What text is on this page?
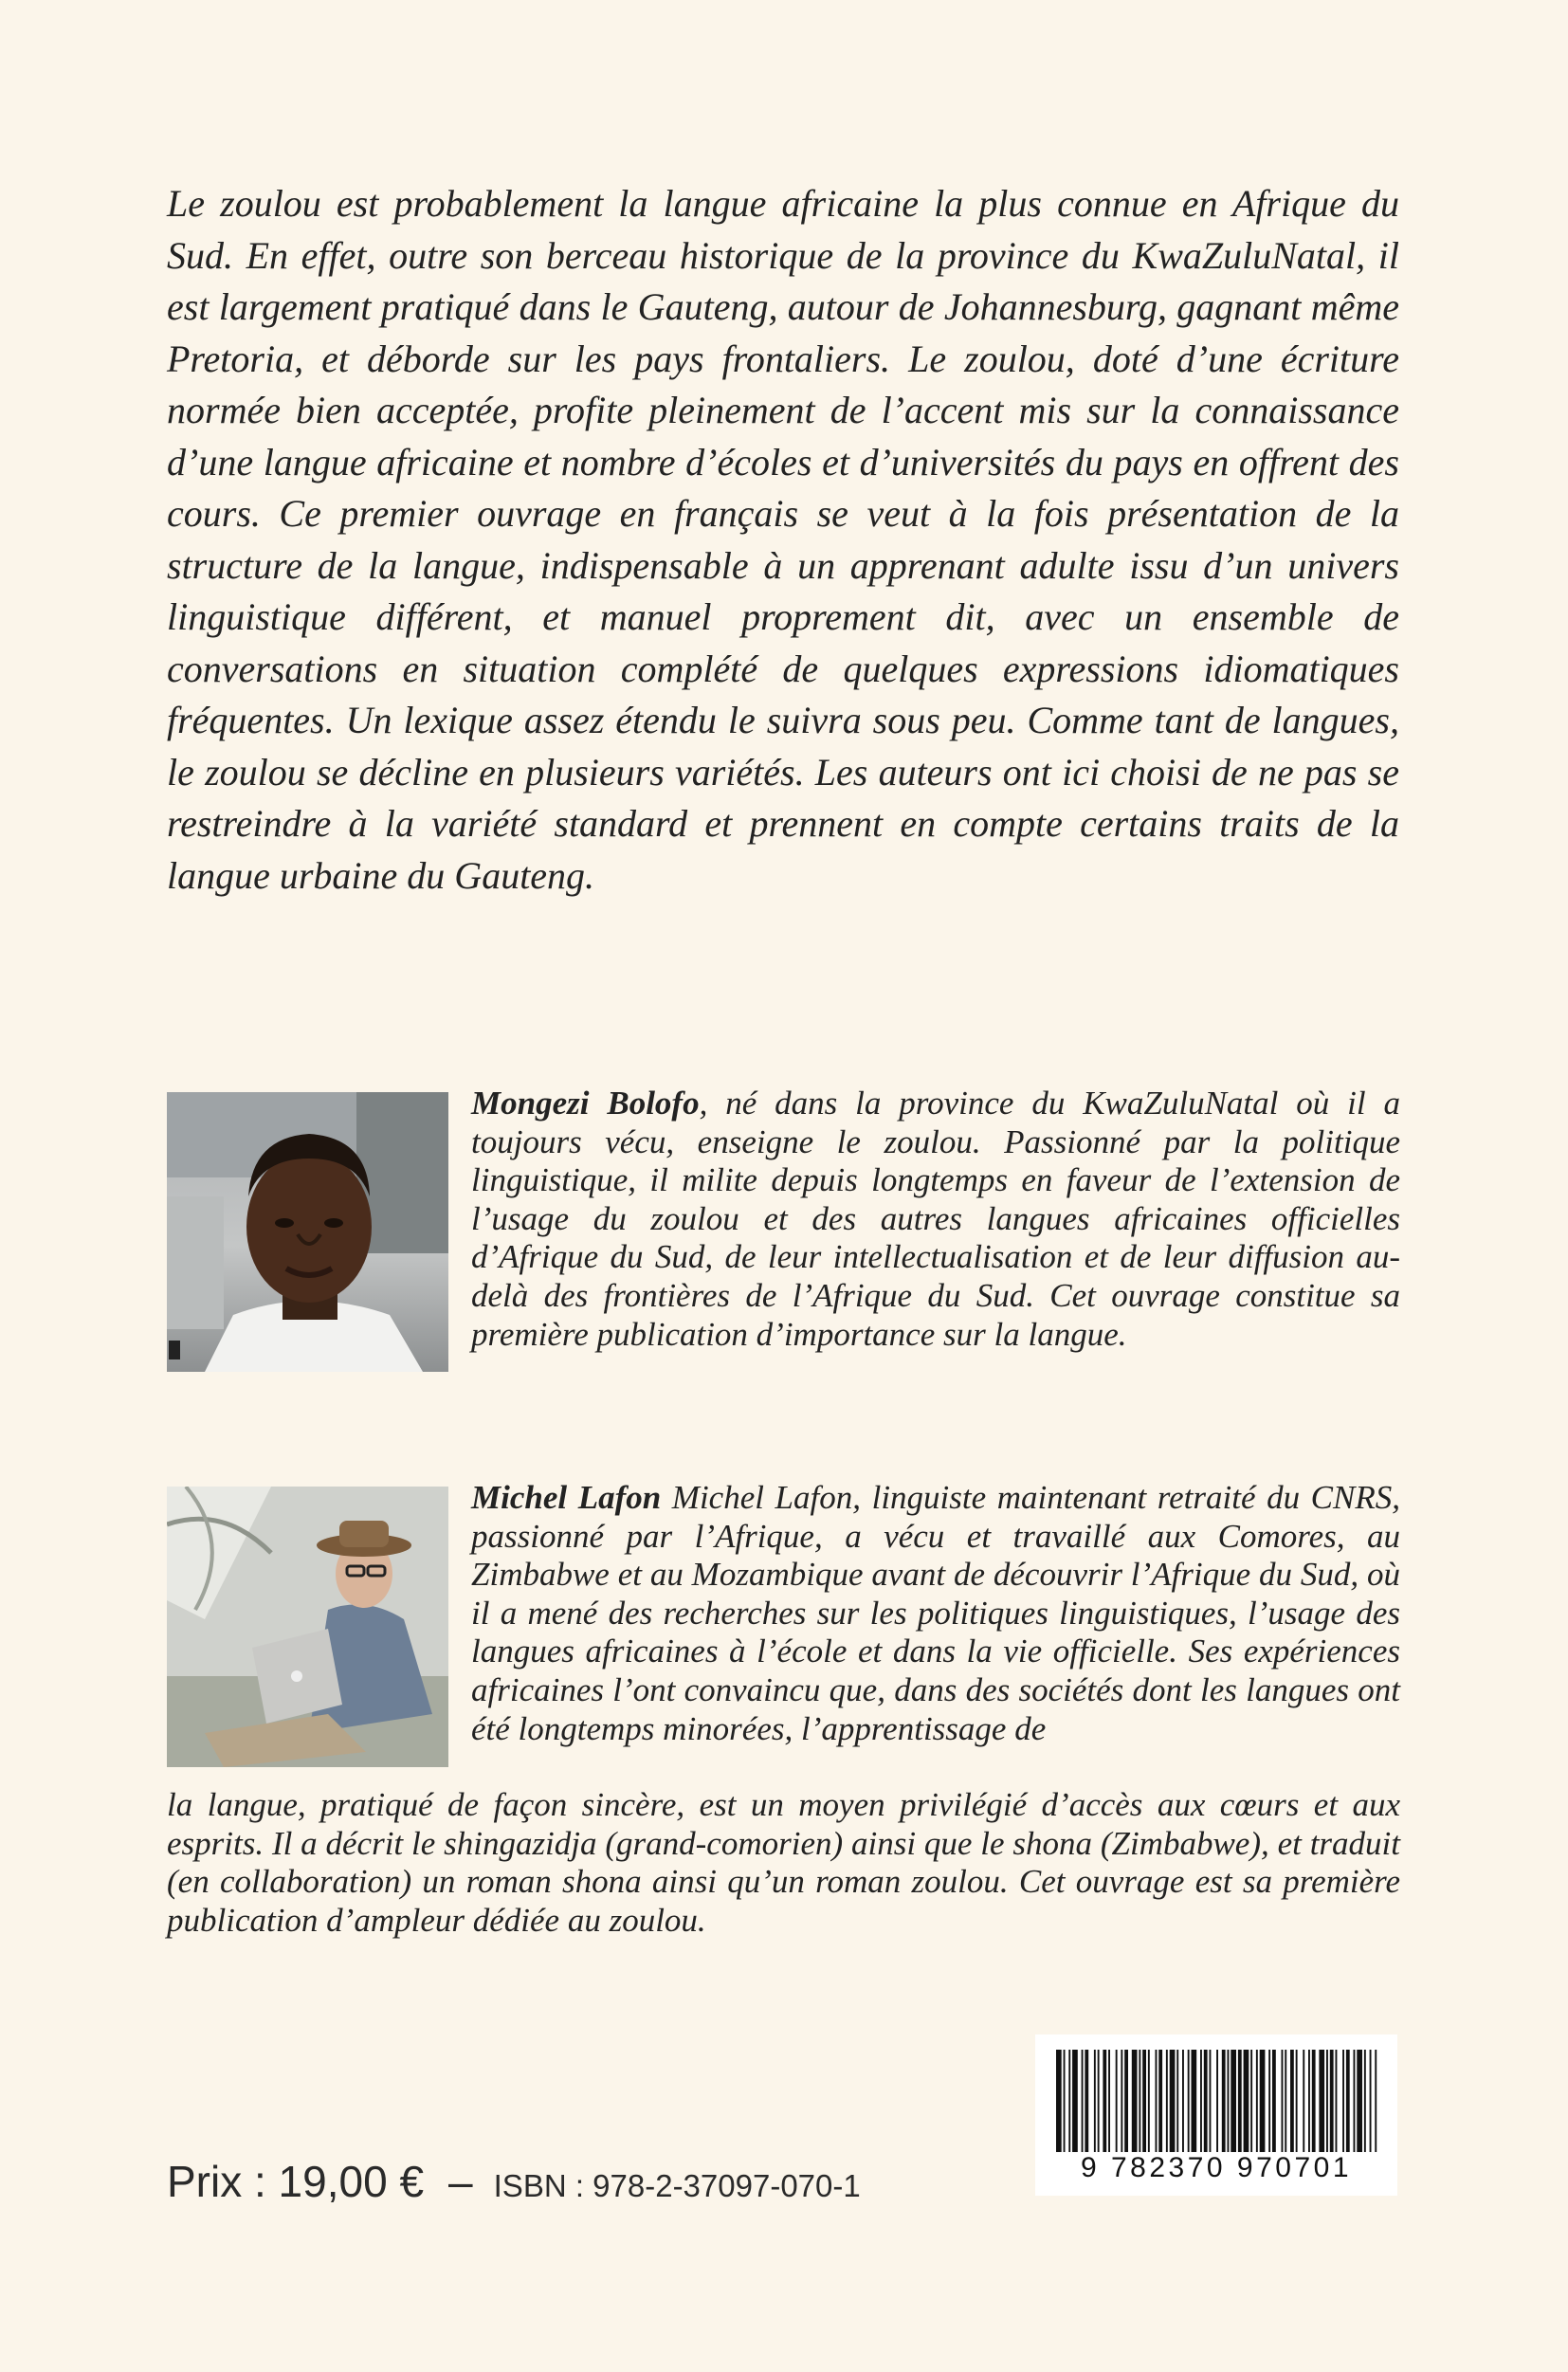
Le zoulou est probablement la langue africaine la plus connue en Afrique du Sud. En effet, outre son berceau historique de la province du KwaZuluNatal, il est largement pratiqué dans le Gauteng, autour de Johannesburg, gagnant même Pretoria, et déborde sur les pays frontaliers. Le zoulou, doté d’une écriture normée bien acceptée, profite pleinement de l’accent mis sur la connaissance d’une langue africaine et nombre d’écoles et d’universités du pays en offrent des cours. Ce premier ouvrage en français se veut à la fois présentation de la structure de la langue, indispensable à un apprenant adulte issu d’un univers linguistique différent, et manuel proprement dit, avec un ensemble de conversations en situation complété de quelques expressions idiomatiques fréquentes. Un lexique assez étendu le suivra sous peu. Comme tant de langues, le zoulou se décline en plusieurs variétés. Les auteurs ont ici choisi de ne pas se restreindre à la variété standard et prennent en compte certains traits de la langue urbaine du Gauteng.

Mongezi Bolofo, né dans la province du KwaZuluNatal où il a toujours vécu, enseigne le zoulou. Passionné par la politique linguistique, il milite depuis longtemps en faveur de l’extension de l’usage du zoulou et des autres langues africaines officielles d’Afrique du Sud, de leur intellectualisation et de leur diffusion au-delà des frontières de l’Afrique du Sud. Cet ouvrage constitue sa première publication d’importance sur la langue.

Michel Lafon Michel Lafon, linguiste maintenant retraité du CNRS, passionné par l’Afrique, a vécu et travaillé aux Comores, au Zimbabwe et au Mozambique avant de découvrir l’Afrique du Sud, où il a mené des recherches sur les politiques linguistiques, l’usage des langues africaines à l’école et dans la vie officielle. Ses expériences africaines l’ont convaincu que, dans des sociétés dont les langues ont été longtemps minorées, l’apprentissage de

la langue, pratiqué de façon sincère, est un moyen privilégié d’accès aux cœurs et aux esprits. Il a décrit le shingazidja (grand-comorien) ainsi que le shona (Zimbabwe), et traduit (en collaboration) un roman shona ainsi qu’un roman zoulou. Cet ouvrage est sa première publication d’ampleur dédiée au zoulou.

Prix : 19,00 € – ISBN : 978-2-37097-070-1
9 782370 970701
